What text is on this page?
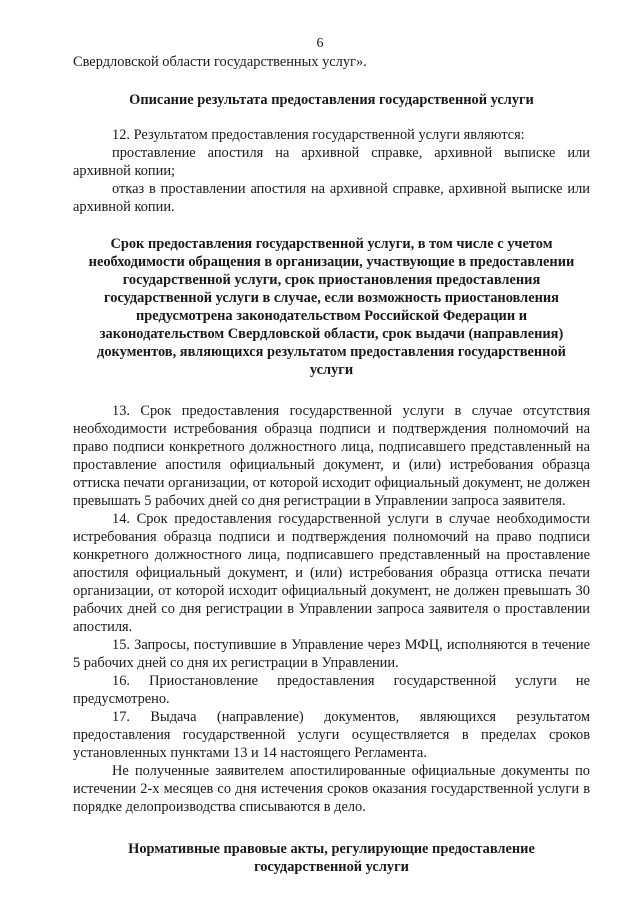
6

Свердловской области государственных услуг».

Описание результата предоставления государственной услуги

12. Результатом предоставления государственной услуги являются:

проставление апостиля на архивной справке, архивной выписке или архивной копии;

отказ в проставлении апостиля на архивной справке, архивной выписке или архивной копии.

Срок предоставления государственной услуги, в том числе с учетом необходимости обращения в организации, участвующие в предоставлении государственной услуги, срок приостановления предоставления государственной услуги в случае, если возможность приостановления предусмотрена законодательством Российской Федерации и законодательством Свердловской области, срок выдачи (направления) документов, являющихся результатом предоставления государственной услуги

13. Срок предоставления государственной услуги в случае отсутствия необходимости истребования образца подписи и подтверждения полномочий на право подписи конкретного должностного лица, подписавшего представленный на проставление апостиля официальный документ, и (или) истребования образца оттиска печати организации, от которой исходит официальный документ, не должен превышать 5 рабочих дней со дня регистрации в Управлении запроса заявителя.

14. Срок предоставления государственной услуги в случае необходимости истребования образца подписи и подтверждения полномочий на право подписи конкретного должностного лица, подписавшего представленный на проставление апостиля официальный документ, и (или) истребования образца оттиска печати организации, от которой исходит официальный документ, не должен превышать 30 рабочих дней со дня регистрации в Управлении запроса заявителя о проставлении апостиля.

15. Запросы, поступившие в Управление через МФЦ, исполняются в течение 5 рабочих дней со дня их регистрации в Управлении.

16. Приостановление предоставления государственной услуги не предусмотрено.

17. Выдача (направление) документов, являющихся результатом предоставления государственной услуги осуществляется в пределах сроков установленных пунктами 13 и 14 настоящего Регламента.

Не полученные заявителем апостилированные официальные документы по истечении 2-х месяцев со дня истечения сроков оказания государственной услуги в порядке делопроизводства списываются в дело.

Нормативные правовые акты, регулирующие предоставление государственной услуги
